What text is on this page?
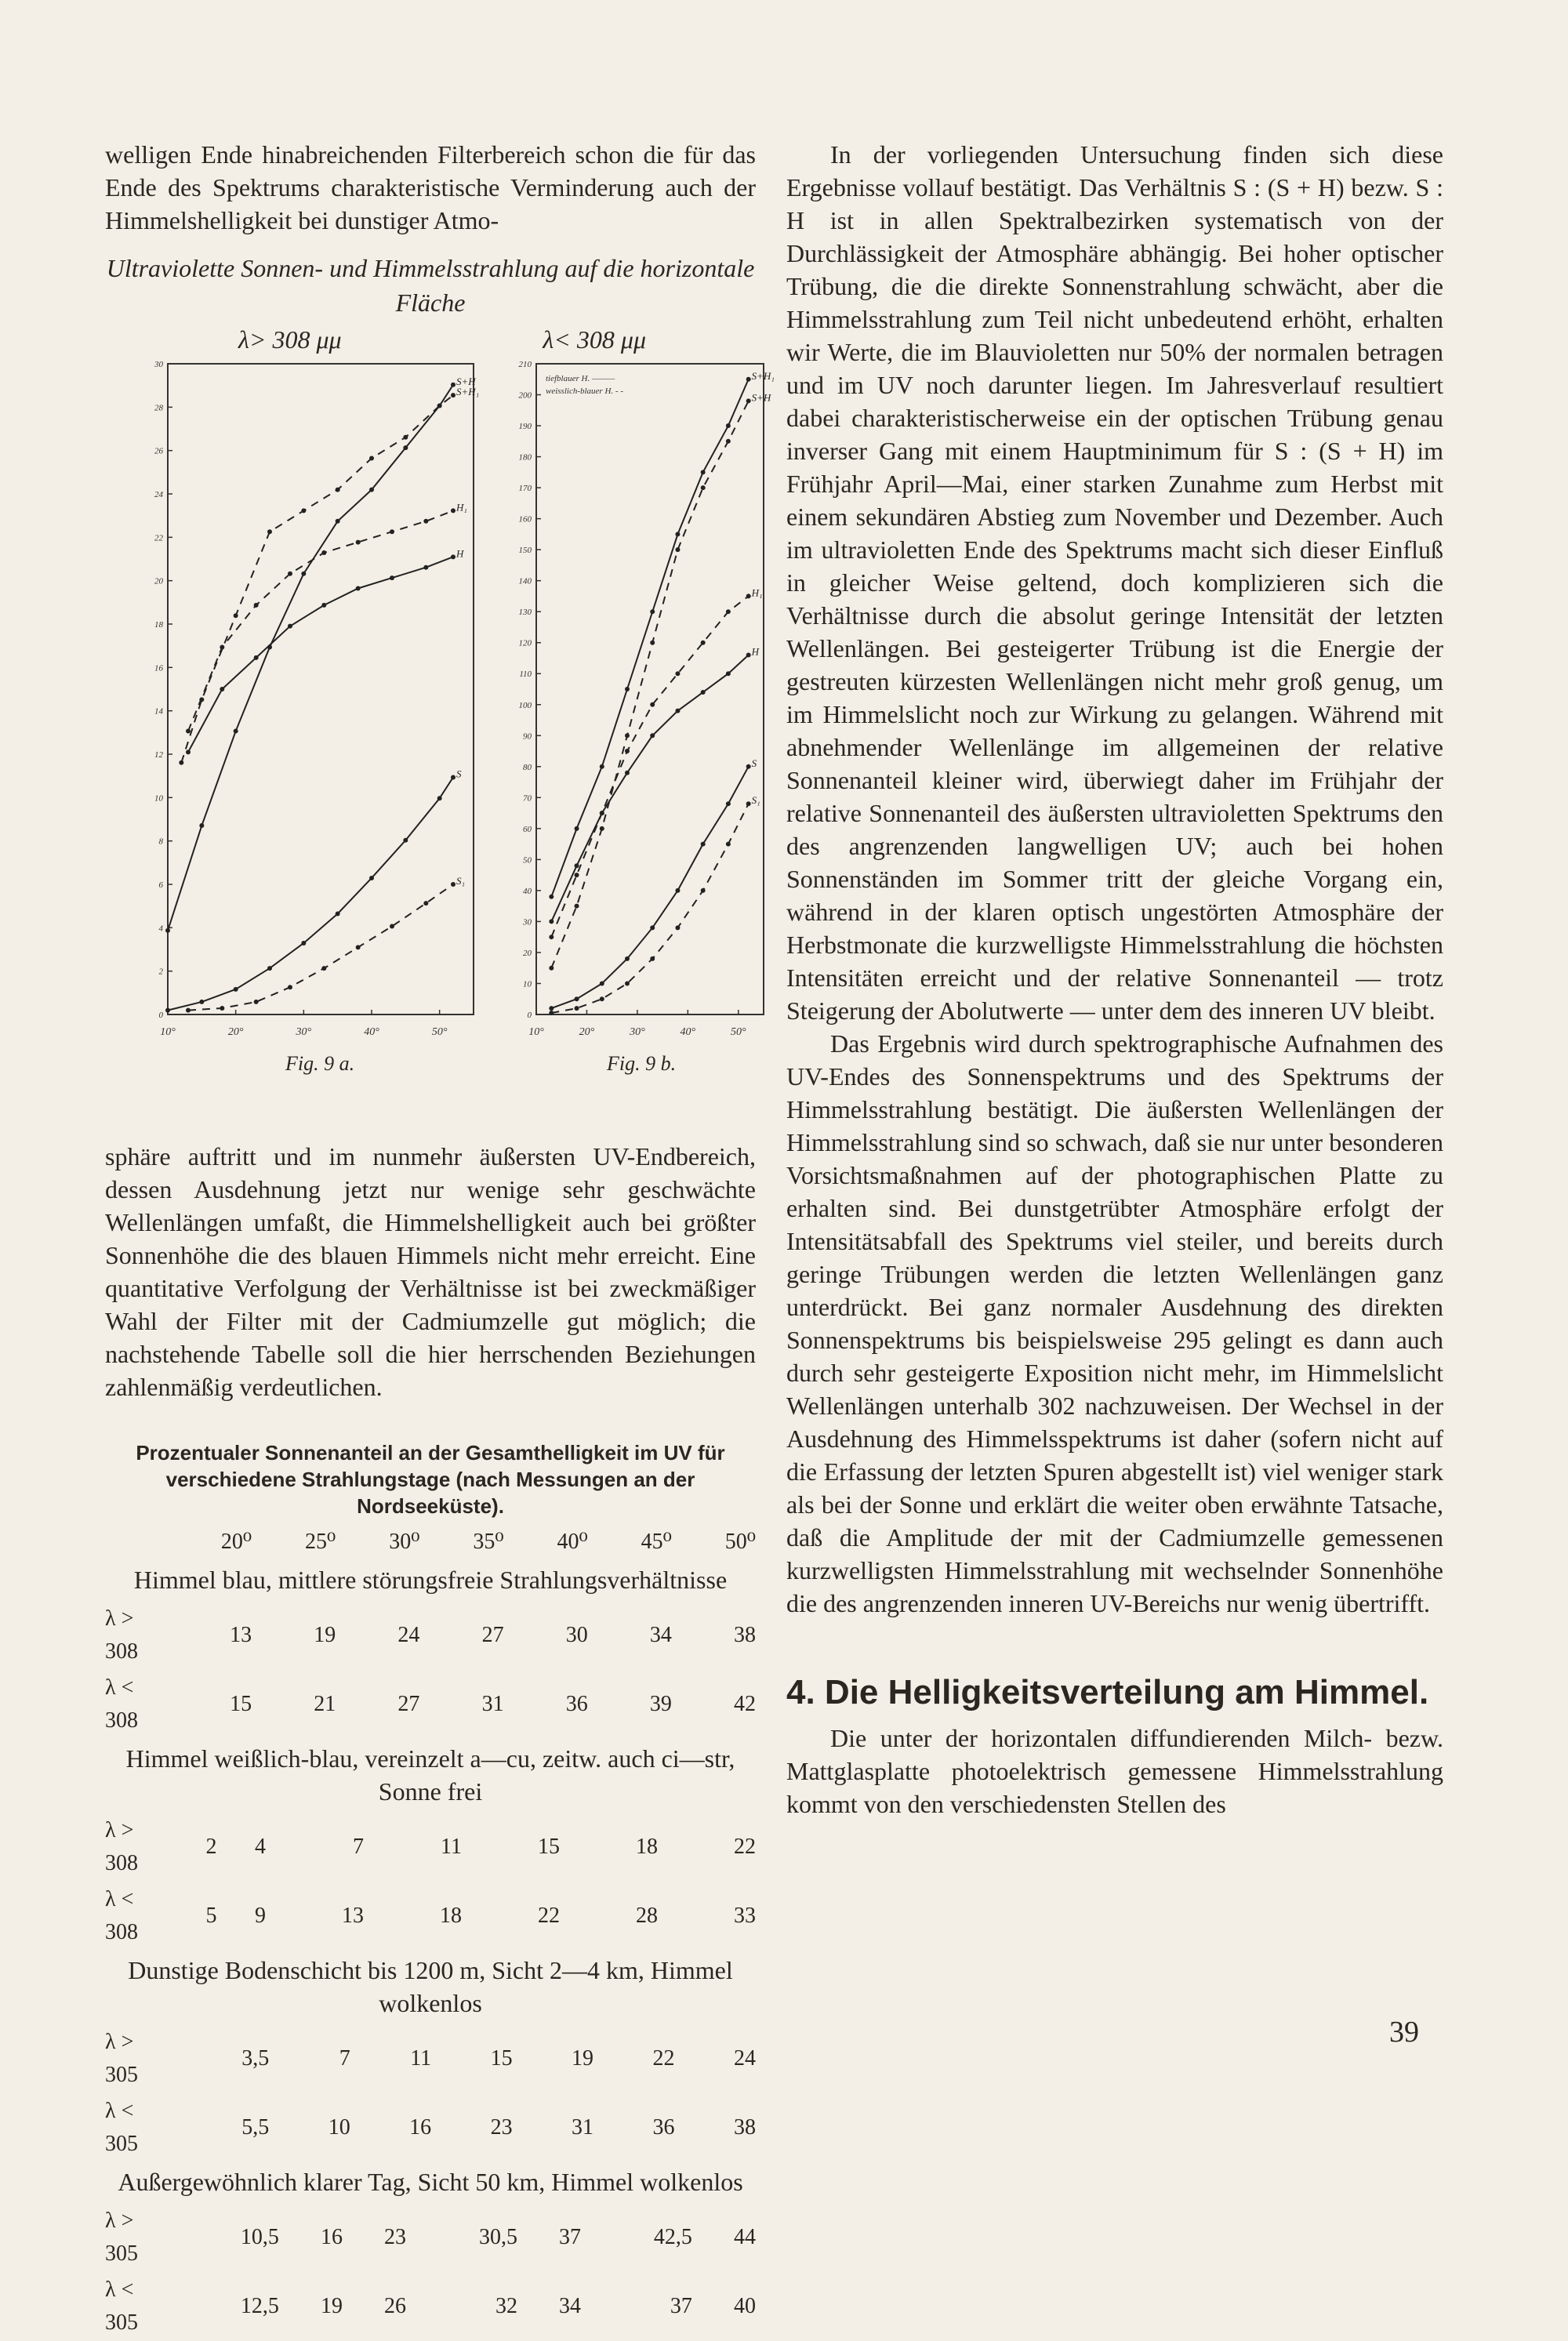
welligen Ende hinabreichenden Filterbereich schon die für das Ende des Spektrums charakteristische Verminderung auch der Himmelshelligkeit bei dunstiger Atmo-

Ultraviolette Sonnen- und Himmelsstrahlung auf die horizontale Fläche
λ> 308 μμ	λ< 308 μμ
0
2
4
6
8
10
12
14
16
18
20
22
24
26
28
30
10°	20°	30°	40°	50°
S+H
S+H₁
H₁
H
S
S₁
0
10
20
30
40
50
60
70
80
90
100
110
120
130
140
150
160
170
180
190
200
210
10°	20°	30°	40°	50°
tiefblauer H. ———
weisslich-blauer H. - -
S+H₁
S+H
H₁
H
S
S₁
Fig. 9 a.	Fig. 9 b.

sphäre auftritt und im nunmehr äußersten UV-Endbereich, dessen Ausdehnung jetzt nur wenige sehr geschwächte Wellenlängen umfaßt, die Himmelshelligkeit auch bei größter Sonnenhöhe die des blauen Himmels nicht mehr erreicht. Eine quantitative Verfolgung der Verhältnisse ist bei zweckmäßiger Wahl der Filter mit der Cadmiumzelle gut möglich; die nachstehende Tabelle soll die hier herrschenden Beziehungen zahlenmäßig verdeutlichen.

Prozentualer Sonnenanteil an der Gesamthelligkeit im UV für verschiedene Strahlungstage (nach Messungen an der Nordseeküste).
	20⁰	25⁰	30⁰	35⁰	40⁰	45⁰	50⁰
Himmel blau, mittlere störungsfreie Strahlungsverhältnisse
λ > 308	13	19	24	27	30	34	38
λ < 308	15	21	27	31	36	39	42
Himmel weißlich-blau, vereinzelt a—cu, zeitw. auch ci—str, Sonne frei
λ > 308	2	4	7	11	15	18	22
λ < 308	5	9	13	18	22	28	33
Dunstige Bodenschicht bis 1200 m, Sicht 2—4 km, Himmel wolkenlos
λ > 305	3,5	7	11	15	19	22	24
λ < 305	5,5	10	16	23	31	36	38
Außergewöhnlich klarer Tag, Sicht 50 km, Himmel wolkenlos
λ > 305	10,5	16	23	30,5	37	42,5	44
λ < 305	12,5	19	26	32	34	37	40

In der vorliegenden Untersuchung finden sich diese Ergebnisse vollauf bestätigt. Das Verhältnis S : (S + H) bezw. S : H ist in allen Spektralbezirken systematisch von der Durchlässigkeit der Atmosphäre abhängig. Bei hoher optischer Trübung, die die direkte Sonnenstrahlung schwächt, aber die Himmelsstrahlung zum Teil nicht unbedeutend erhöht, erhalten wir Werte, die im Blauvioletten nur 50% der normalen betragen und im UV noch darunter liegen. Im Jahresverlauf resultiert dabei charakteristischerweise ein der optischen Trübung genau inverser Gang mit einem Hauptminimum für S : (S + H) im Frühjahr April—Mai, einer starken Zunahme zum Herbst mit einem sekundären Abstieg zum November und Dezember. Auch im ultravioletten Ende des Spektrums macht sich dieser Einfluß in gleicher Weise geltend, doch komplizieren sich die Verhältnisse durch die absolut geringe Intensität der letzten Wellenlängen. Bei gesteigerter Trübung ist die Energie der gestreuten kürzesten Wellenlängen nicht mehr groß genug, um im Himmelslicht noch zur Wirkung zu gelangen. Während mit abnehmender Wellenlänge im allgemeinen der relative Sonnenanteil kleiner wird, überwiegt daher im Frühjahr der relative Sonnenanteil des äußersten ultravioletten Spektrums den des angrenzenden langwelligen UV; auch bei hohen Sonnenständen im Sommer tritt der gleiche Vorgang ein, während in der klaren optisch ungestörten Atmosphäre der Herbstmonate die kurzwelligste Himmelsstrahlung die höchsten Intensitäten erreicht und der relative Sonnenanteil — trotz Steigerung der Abolutwerte — unter dem des inneren UV bleibt.

Das Ergebnis wird durch spektrographische Aufnahmen des UV-Endes des Sonnenspektrums und des Spektrums der Himmelsstrahlung bestätigt. Die äußersten Wellenlängen der Himmelsstrahlung sind so schwach, daß sie nur unter besonderen Vorsichtsmaßnahmen auf der photographischen Platte zu erhalten sind. Bei dunstgetrübter Atmosphäre erfolgt der Intensitätsabfall des Spektrums viel steiler, und bereits durch geringe Trübungen werden die letzten Wellenlängen ganz unterdrückt. Bei ganz normaler Ausdehnung des direkten Sonnenspektrums bis beispielsweise 295 gelingt es dann auch durch sehr gesteigerte Exposition nicht mehr, im Himmelslicht Wellenlängen unterhalb 302 nachzuweisen. Der Wechsel in der Ausdehnung des Himmelsspektrums ist daher (sofern nicht auf die Erfassung der letzten Spuren abgestellt ist) viel weniger stark als bei der Sonne und erklärt die weiter oben erwähnte Tatsache, daß die Amplitude der mit der Cadmiumzelle gemessenen kurzwelligsten Himmelsstrahlung mit wechselnder Sonnenhöhe die des angrenzenden inneren UV-Bereichs nur wenig übertrifft.

4. Die Helligkeitsverteilung am Himmel.

Die unter der horizontalen diffundierenden Milch- bezw. Mattglasplatte photoelektrisch gemessene Himmelsstrahlung kommt von den verschiedensten Stellen des

39
